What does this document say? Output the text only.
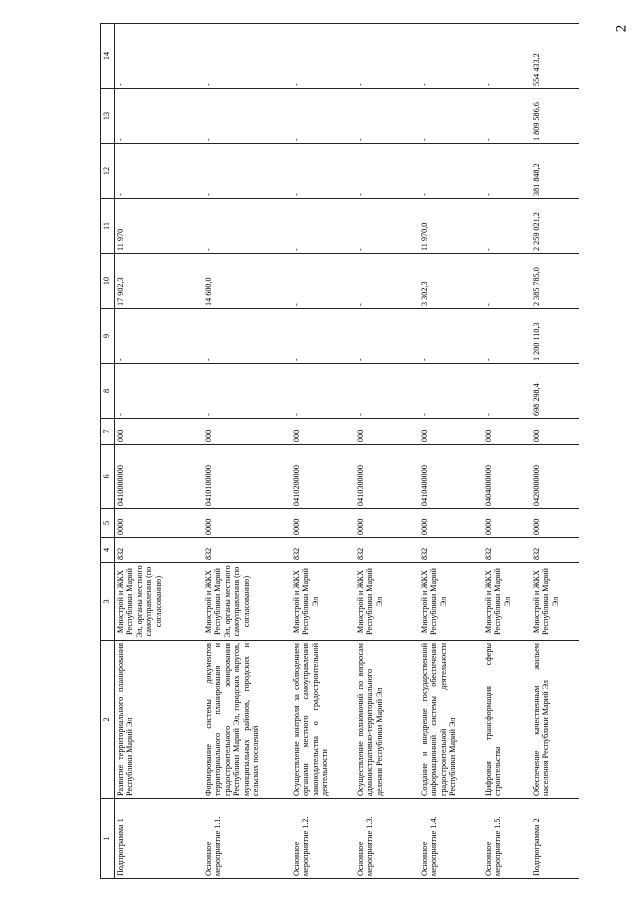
2
1	2	3	4	5	6	7	8	9	10	11	12	13	14
Подпрограмма 1	Развитие территориального планирования Республики Марий Эл	Минстрой и ЖКХ Республики Марий Эл, органы местного самоуправления (по согласованию)	832	0000	0410000000	000	-	-	17 902,3	11 970	-	-	-
Основное мероприятие 1.1.	Формирование системы документов территориального планирования и градостроительного зонирования Республики Марий Эл, городских округов, муниципальных районов, городских и сельских поселений	Минстрой и ЖКХ Республики Марий Эл, органы местного самоуправления (по согласованию)	832	0000	0410100000	000	-	-	14 600,0	-	-	-	-
Основное мероприятие 1.2.	Осуществление контроля за соблюдением органами местного самоуправления законодательства о градостроительной деятельности	Минстрой и ЖКХ Республики Марий Эл	832	0000	0410200000	000	-	-	-	-	-	-	-
Основное мероприятие 1.3.	Осуществление полномочий по вопросам административно-территориального деления Республики Марий Эл	Минстрой и ЖКХ Республики Марий Эл	832	0000	0410300000	000	-	-	-	-	-	-	-
Основное мероприятие 1.4.	Создание и внедрение государственной информационной системы обеспечения градостроительной деятельности Республики Марий Эл	Минстрой и ЖКХ Республики Марий Эл	832	0000	0410400000	000	-	-	3 302,3	11 970,0	-	-	-
Основное мероприятие 1.5.	Цифровая трансформация сферы строительства	Минстрой и ЖКХ Республики Марий Эл	832	0000	0404000000	000	-	-	-	-	-	-	-
Подпрограмма 2	Обеспечение качественным жильем населения Республики Марий Эл	Минстрой и ЖКХ Республики Марий Эл	832	0000	0420000000	000	698 298,4	1 200 110,3	2 385 785,0	2 259 021,2	381 848,2	1 809 586,6	554 433,2
